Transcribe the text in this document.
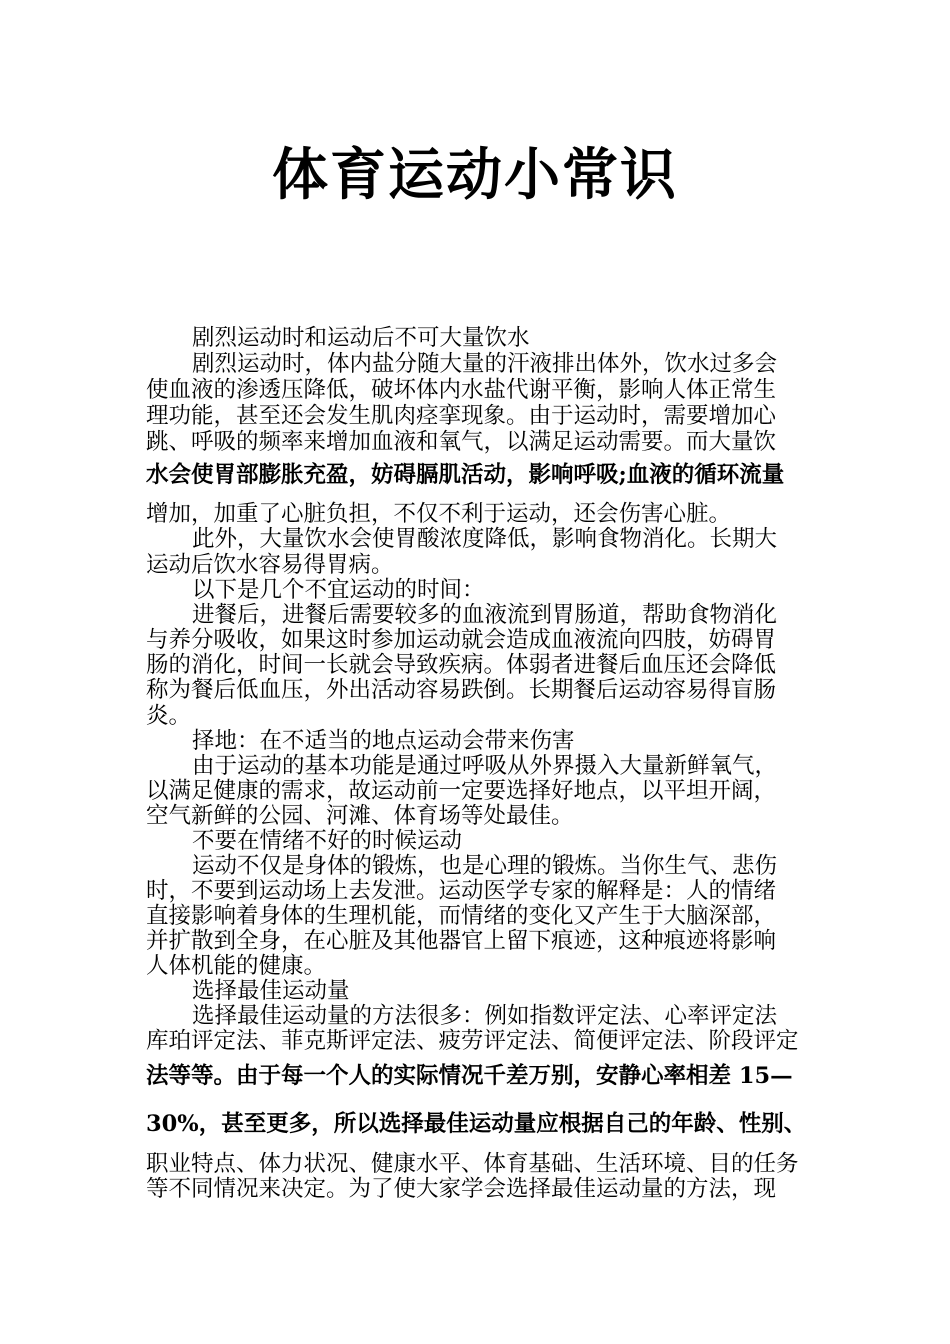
体育运动小常识
剧烈运动时和运动后不可大量饮水
剧烈运动时，体内盐分随大量的汗液排出体外，饮水过多会
使血液的渗透压降低，破坏体内水盐代谢平衡，影响人体正常生
理功能，甚至还会发生肌肉痉挛现象。由于运动时，需要增加心
跳、呼吸的频率来增加血液和氧气，以满足运动需要。而大量饮
水会使胃部膨胀充盈，妨碍膈肌活动，影响呼吸;血液的循环流量
增加，加重了心脏负担，不仅不利于运动，还会伤害心脏。
此外，大量饮水会使胃酸浓度降低，影响食物消化。长期大
运动后饮水容易得胃病。
以下是几个不宜运动的时间：
进餐后，进餐后需要较多的血液流到胃肠道，帮助食物消化
与养分吸收，如果这时参加运动就会造成血液流向四肢，妨碍胃
肠的消化，时间一长就会导致疾病。体弱者进餐后血压还会降低
称为餐后低血压，外出活动容易跌倒。长期餐后运动容易得盲肠
炎。
择地：在不适当的地点运动会带来伤害
由于运动的基本功能是通过呼吸从外界摄入大量新鲜氧气，
以满足健康的需求，故运动前一定要选择好地点，以平坦开阔，
空气新鲜的公园、河滩、体育场等处最佳。
不要在情绪不好的时候运动
运动不仅是身体的锻炼，也是心理的锻炼。当你生气、悲伤
时，不要到运动场上去发泄。运动医学专家的解释是：人的情绪
直接影响着身体的生理机能，而情绪的变化又产生于大脑深部，
并扩散到全身，在心脏及其他器官上留下痕迹，这种痕迹将影响
人体机能的健康。
选择最佳运动量
选择最佳运动量的方法很多：例如指数评定法、心率评定法
库珀评定法、菲克斯评定法、疲劳评定法、简便评定法、阶段评定
法等等。由于每一个人的实际情况千差万别，安静心率相差 15—
30%，甚至更多，所以选择最佳运动量应根据自己的年龄、性别、
职业特点、体力状况、健康水平、体育基础、生活环境、目的任务
等不同情况来决定。为了使大家学会选择最佳运动量的方法，现
